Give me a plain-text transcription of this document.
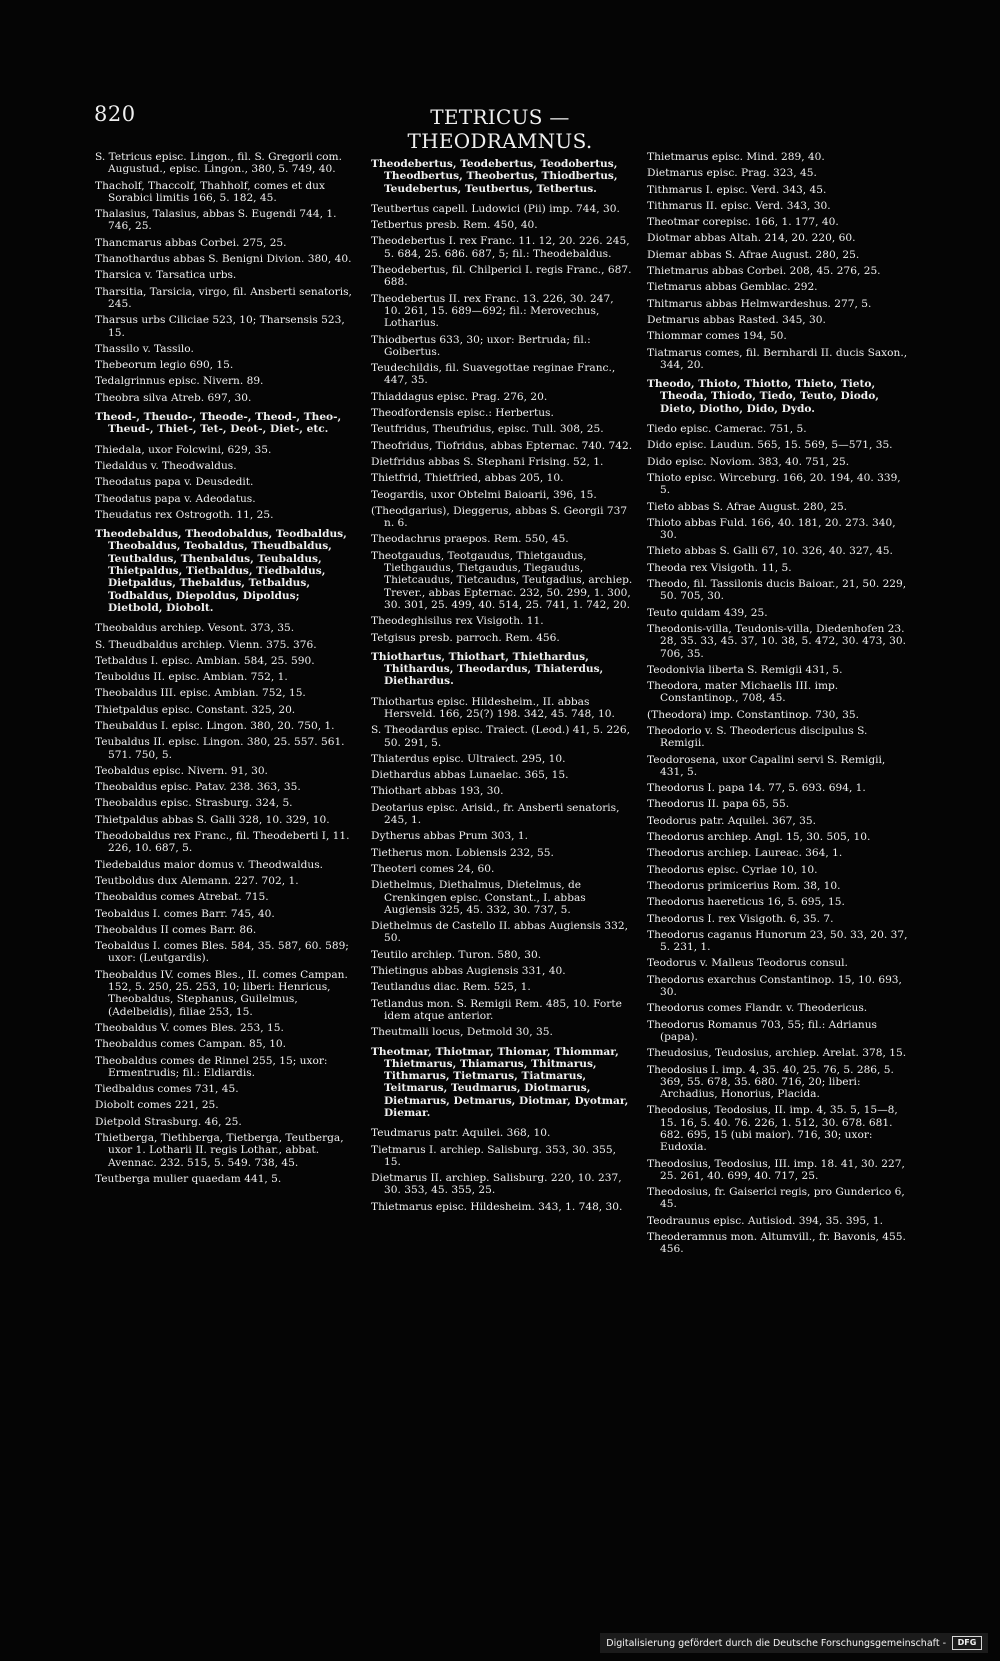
820	TETRICUS — THEODRAMNUS.

S. Tetricus episc. Lingon., fil. S. Gregorii com. Augustud., episc. Lingon., 380, 5. 749, 40.

Thacholf, Thaccolf, Thahholf, comes et dux Sorabici limitis 166, 5. 182, 45.

Thalasius, Talasius, abbas S. Eugendi 744, 1. 746, 25.

Thancmarus abbas Corbei. 275, 25.

Thanothardus abbas S. Benigni Divion. 380, 40.

Tharsica v. Tarsatica urbs.

Tharsitia, Tarsicia, virgo, fil. Ansberti senatoris, 245.

Tharsus urbs Ciliciae 523, 10; Tharsensis 523, 15.

Thassilo v. Tassilo.

Thebeorum legio 690, 15.

Tedalgrinnus episc. Nivern. 89.

Theobra silva Atreb. 697, 30.

Theod-, Theudo-, Theode-, Theod-, Theo-, Theud-, Thiet-, Tet-, Deot-, Diet-, etc.

Thiedala, uxor Folcwini, 629, 35.

Tiedaldus v. Theodwaldus.

Theodatus papa v. Deusdedit.

Theodatus papa v. Adeodatus.

Theudatus rex Ostrogoth. 11, 25.

Theodebaldus, Theodobaldus, Teodbaldus, Theobaldus, Teobaldus, Theudbaldus, Teutbaldus, Thenbaldus, Teubaldus, Thietpaldus, Tietbaldus, Tiedbaldus, Dietpaldus, Thebaldus, Tetbaldus, Todbaldus, Diepoldus, Dipoldus; Dietbold, Diobolt.

Theobaldus archiep. Vesont. 373, 35.

S. Theudbaldus archiep. Vienn. 375. 376.

Tetbaldus I. episc. Ambian. 584, 25. 590.

Teuboldus II. episc. Ambian. 752, 1.

Theobaldus III. episc. Ambian. 752, 15.

Thietpaldus episc. Constant. 325, 20.

Theubaldus I. episc. Lingon. 380, 20. 750, 1.

Teubaldus II. episc. Lingon. 380, 25. 557. 561. 571. 750, 5.

Teobaldus episc. Nivern. 91, 30.

Theobaldus episc. Patav. 238. 363, 35.

Theobaldus episc. Strasburg. 324, 5.

Thietpaldus abbas S. Galli 328, 10. 329, 10.

Theodobaldus rex Franc., fil. Theodeberti I, 11. 226, 10. 687, 5.

Tiedebaldus maior domus v. Theodwaldus.

Teutboldus dux Alemann. 227. 702, 1.

Theobaldus comes Atrebat. 715.

Teobaldus I. comes Barr. 745, 40.

Theobaldus II comes Barr. 86.

Teobaldus I. comes Bles. 584, 35. 587, 60. 589; uxor: (Leutgardis).

Theobaldus IV. comes Bles., II. comes Campan. 152, 5. 250, 25. 253, 10; liberi: Henricus, Theobaldus, Stephanus, Guilelmus, (Adelbeidis), filiae 253, 15.

Theobaldus V. comes Bles. 253, 15.

Theobaldus comes Campan. 85, 10.

Theobaldus comes de Rinnel 255, 15; uxor: Ermentrudis; fil.: Eldiardis.

Tiedbaldus comes 731, 45.

Diobolt comes 221, 25.

Dietpold Strasburg. 46, 25.

Thietberga, Tiethberga, Tietberga, Teutberga, uxor 1. Lotharii II. regis Lothar., abbat. Avennac. 232. 515, 5. 549. 738, 45.

Teutberga mulier quaedam 441, 5.

Theodebertus, Teodebertus, Teodobertus, Theodbertus, Theobertus, Thiodbertus, Teudebertus, Teutbertus, Tetbertus.

Teutbertus capell. Ludowici (Pii) imp. 744, 30.

Tetbertus presb. Rem. 450, 40.

Theodebertus I. rex Franc. 11. 12, 20. 226. 245, 5. 684, 25. 686. 687, 5; fil.: Theodebaldus.

Theodebertus, fil. Chilperici I. regis Franc., 687. 688.

Theodebertus II. rex Franc. 13. 226, 30. 247, 10. 261, 15. 689—692; fil.: Merovechus, Lotharius.

Thiodbertus 633, 30; uxor: Bertruda; fil.: Goibertus.

Teudechildis, fil. Suavegottae reginae Franc., 447, 35.

Thiaddagus episc. Prag. 276, 20.

Theodfordensis episc.: Herbertus.

Teutfridus, Theufridus, episc. Tull. 308, 25.

Theofridus, Tiofridus, abbas Epternac. 740. 742.

Dietfridus abbas S. Stephani Frising. 52, 1.

Thietfrid, Thietfried, abbas 205, 10.

Teogardis, uxor Obtelmi Baioarii, 396, 15.

(Theodgarius), Dieggerus, abbas S. Georgii 737 n. 6.

Theodachrus praepos. Rem. 550, 45.

Theotgaudus, Teotgaudus, Thietgaudus, Tiethgaudus, Tietgaudus, Tiegaudus, Thietcaudus, Tietcaudus, Teutgadius, archiep. Trever., abbas Epternac. 232, 50. 299, 1. 300, 30. 301, 25. 499, 40. 514, 25. 741, 1. 742, 20.

Theodeghisilus rex Visigoth. 11.

Tetgisus presb. parroch. Rem. 456.

Thiothartus, Thiothart, Thiethardus, Thithardus, Theodardus, Thiaterdus, Diethardus.

Thiothartus episc. Hildesheim., II. abbas Hersveld. 166, 25(?) 198. 342, 45. 748, 10.

S. Theodardus episc. Traiect. (Leod.) 41, 5. 226, 50. 291, 5.

Thiaterdus episc. Ultraiect. 295, 10.

Diethardus abbas Lunaelac. 365, 15.

Thiothart abbas 193, 30.

Deotarius episc. Arisid., fr. Ansberti senatoris, 245, 1.

Dytherus abbas Prum 303, 1.

Tietherus mon. Lobiensis 232, 55.

Theoteri comes 24, 60.

Diethelmus, Diethalmus, Dietelmus, de Crenkingen episc. Constant., I. abbas Augiensis 325, 45. 332, 30. 737, 5.

Diethelmus de Castello II. abbas Augiensis 332, 50.

Teutilo archiep. Turon. 580, 30.

Thietingus abbas Augiensis 331, 40.

Teutlandus diac. Rem. 525, 1.

Tetlandus mon. S. Remigii Rem. 485, 10. Forte idem atque anterior.

Theutmalli locus, Detmold 30, 35.

Theotmar, Thiotmar, Thiomar, Thiommar, Thietmarus, Thiamarus, Thitmarus, Tithmarus, Tietmarus, Tiatmarus, Teitmarus, Teudmarus, Diotmarus, Dietmarus, Detmarus, Diotmar, Dyotmar, Diemar.

Teudmarus patr. Aquilei. 368, 10.

Tietmarus I. archiep. Salisburg. 353, 30. 355, 15.

Dietmarus II. archiep. Salisburg. 220, 10. 237, 30. 353, 45. 355, 25.

Thietmarus episc. Hildesheim. 343, 1. 748, 30.

Thietmarus episc. Mind. 289, 40.

Dietmarus episc. Prag. 323, 45.

Tithmarus I. episc. Verd. 343, 45.

Tithmarus II. episc. Verd. 343, 30.

Theotmar corepisc. 166, 1. 177, 40.

Diotmar abbas Altah. 214, 20. 220, 60.

Diemar abbas S. Afrae August. 280, 25.

Thietmarus abbas Corbei. 208, 45. 276, 25.

Tietmarus abbas Gemblac. 292.

Thitmarus abbas Helmwardeshus. 277, 5.

Detmarus abbas Rasted. 345, 30.

Thiommar comes 194, 50.

Tiatmarus comes, fil. Bernhardi II. ducis Saxon., 344, 20.

Theodo, Thioto, Thiotto, Thieto, Tieto, Theoda, Thiodo, Tiedo, Teuto, Diodo, Dieto, Diotho, Dido, Dydo.

Tiedo episc. Camerac. 751, 5.

Dido episc. Laudun. 565, 15. 569, 5—571, 35.

Dido episc. Noviom. 383, 40. 751, 25.

Thioto episc. Wirceburg. 166, 20. 194, 40. 339, 5.

Tieto abbas S. Afrae August. 280, 25.

Thioto abbas Fuld. 166, 40. 181, 20. 273. 340, 30.

Thieto abbas S. Galli 67, 10. 326, 40. 327, 45.

Theoda rex Visigoth. 11, 5.

Theodo, fil. Tassilonis ducis Baioar., 21, 50. 229, 50. 705, 30.

Teuto quidam 439, 25.

Theodonis-villa, Teudonis-villa, Diedenhofen 23. 28, 35. 33, 45. 37, 10. 38, 5. 472, 30. 473, 30. 706, 35.

Teodonivia liberta S. Remigii 431, 5.

Theodora, mater Michaelis III. imp. Constantinop., 708, 45.

(Theodora) imp. Constantinop. 730, 35.

Theodorio v. S. Theodericus discipulus S. Remigii.

Teodorosena, uxor Capalini servi S. Remigii, 431, 5.

Theodorus I. papa 14. 77, 5. 693. 694, 1.

Theodorus II. papa 65, 55.

Teodorus patr. Aquilei. 367, 35.

Theodorus archiep. Angl. 15, 30. 505, 10.

Theodorus archiep. Laureac. 364, 1.

Theodorus episc. Cyriae 10, 10.

Theodorus primicerius Rom. 38, 10.

Theodorus haereticus 16, 5. 695, 15.

Theodorus I. rex Visigoth. 6, 35. 7.

Theodorus caganus Hunorum 23, 50. 33, 20. 37, 5. 231, 1.

Teodorus v. Malleus Teodorus consul.

Theodorus exarchus Constantinop. 15, 10. 693, 30.

Theodorus comes Flandr. v. Theodericus.

Theodorus Romanus 703, 55; fil.: Adrianus (papa).

Theudosius, Teudosius, archiep. Arelat. 378, 15.

Theodosius I. imp. 4, 35. 40, 25. 76, 5. 286, 5. 369, 55. 678, 35. 680. 716, 20; liberi: Archadius, Honorius, Placida.

Theodosius, Teodosius, II. imp. 4, 35. 5, 15—8, 15. 16, 5. 40. 76. 226, 1. 512, 30. 678. 681. 682. 695, 15 (ubi maior). 716, 30; uxor: Eudoxia.

Theodosius, Teodosius, III. imp. 18. 41, 30. 227, 25. 261, 40. 699, 40. 717, 25.

Theodosius, fr. Gaiserici regis, pro Gunderico 6, 45.

Teodraunus episc. Autisiod. 394, 35. 395, 1.

Theoderamnus mon. Altumvill., fr. Bavonis, 455. 456.

Digitalisierung gefördert durch die Deutsche Forschungsgemeinschaft -	DFG
